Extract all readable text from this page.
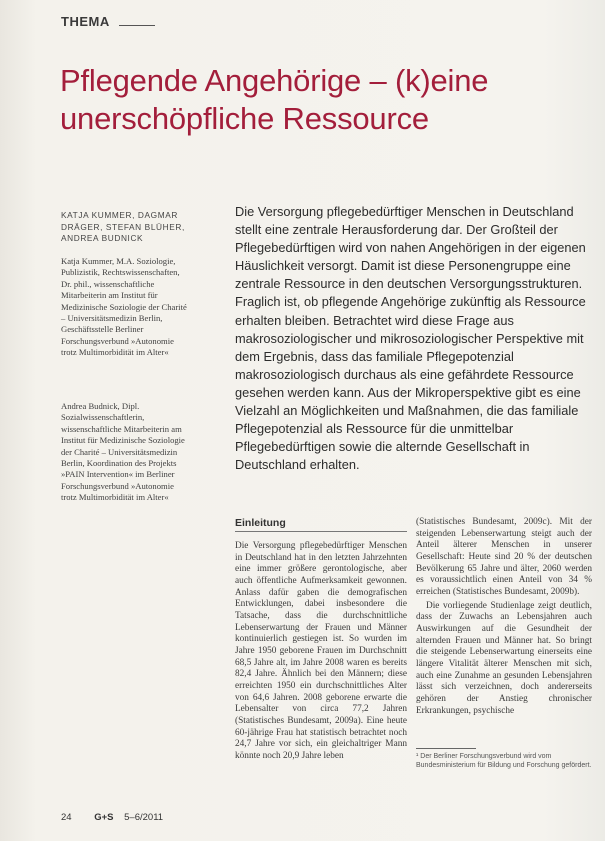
THEMA
Pflegende Angehörige – (k)eine unerschöpfliche Ressource
KATJA KUMMER, DAGMAR DRÄGER, STEFAN BLÜHER, ANDREA BUDNICK
Katja Kummer, M.A. Soziologie, Publizistik, Rechtswissenschaften, Dr. phil., wissenschaftliche Mitarbeiterin am Institut für Medizinische Soziologie der Charité – Universitätsmedizin Berlin, Geschäftsstelle Berliner Forschungsverbund »Autonomie trotz Multimorbidität im Alter«
Andrea Budnick, Dipl. Sozialwissenschaftlerin, wissenschaftliche Mitarbeiterin am Institut für Medizinische Soziologie der Charité – Universitätsmedizin Berlin, Koordination des Projekts »PAIN Intervention« im Berliner Forschungsverbund »Autonomie trotz Multimorbidität im Alter«
Die Versorgung pflegebedürftiger Menschen in Deutschland stellt eine zentrale Herausforderung dar. Der Großteil der Pflegebedürftigen wird von nahen Angehörigen in der eigenen Häuslichkeit versorgt. Damit ist diese Personengruppe eine zentrale Ressource in den deutschen Versorgungsstrukturen. Fraglich ist, ob pflegende Angehörige zukünftig als Ressource erhalten bleiben. Betrachtet wird diese Frage aus makrosoziologischer und mikrosoziologischer Perspektive mit dem Ergebnis, dass das familiale Pflegepotenzial makrosoziologisch durchaus als eine gefährdete Ressource gesehen werden kann. Aus der Mikroperspektive gibt es eine Vielzahl an Möglichkeiten und Maßnahmen, die das familiale Pflegepotenzial als Ressource für die unmittelbar Pflegebedürftigen sowie die alternde Gesellschaft in Deutschland erhalten.
Einleitung

Die Versorgung pflegebedürftiger Menschen in Deutschland hat in den letzten Jahrzehnten eine immer größere gerontologische, aber auch öffentliche Aufmerksamkeit gewonnen. Anlass dafür gaben die demografischen Entwicklungen, dabei insbesondere die Tatsache, dass die durchschnittliche Lebenserwartung der Frauen und Männer kontinuierlich gestiegen ist. So wurden im Jahre 1950 geborene Frauen im Durchschnitt 68,5 Jahre alt, im Jahre 2008 waren es bereits 82,4 Jahre. Ähnlich bei den Männern; diese erreichten 1950 ein durchschnittliches Alter von 64,6 Jahren. 2008 geborene erwarte die Lebensalter von circa 77,2 Jahren (Statistisches Bundesamt, 2009a). Eine heute 60-jährige Frau hat statistisch betrachtet noch 24,7 Jahre vor sich, ein gleichaltriger Mann könnte noch 20,9 Jahre leben

(Statistisches Bundesamt, 2009c). Mit der steigenden Lebenserwartung steigt auch der Anteil älterer Menschen in unserer Gesellschaft: Heute sind 20 % der deutschen Bevölkerung 65 Jahre und älter, 2060 werden es voraussichtlich einen Anteil von 34 % erreichen (Statistisches Bundesamt, 2009b).

Die vorliegende Studienlage zeigt deutlich, dass der Zuwachs an Lebensjahren auch Auswirkungen auf die Gesundheit der alternden Frauen und Männer hat. So bringt die steigende Lebenserwartung einerseits eine längere Vitalität älterer Menschen mit sich, auch eine Zunahme an gesunden Lebensjahren lässt sich verzeichnen, doch andererseits gehören der Anstieg chronischer Erkrankungen, psychische

¹ Der Berliner Forschungsverbund wird vom Bundesministerium für Bildung und Forschung gefördert.
24 G+S 5–6/2011
